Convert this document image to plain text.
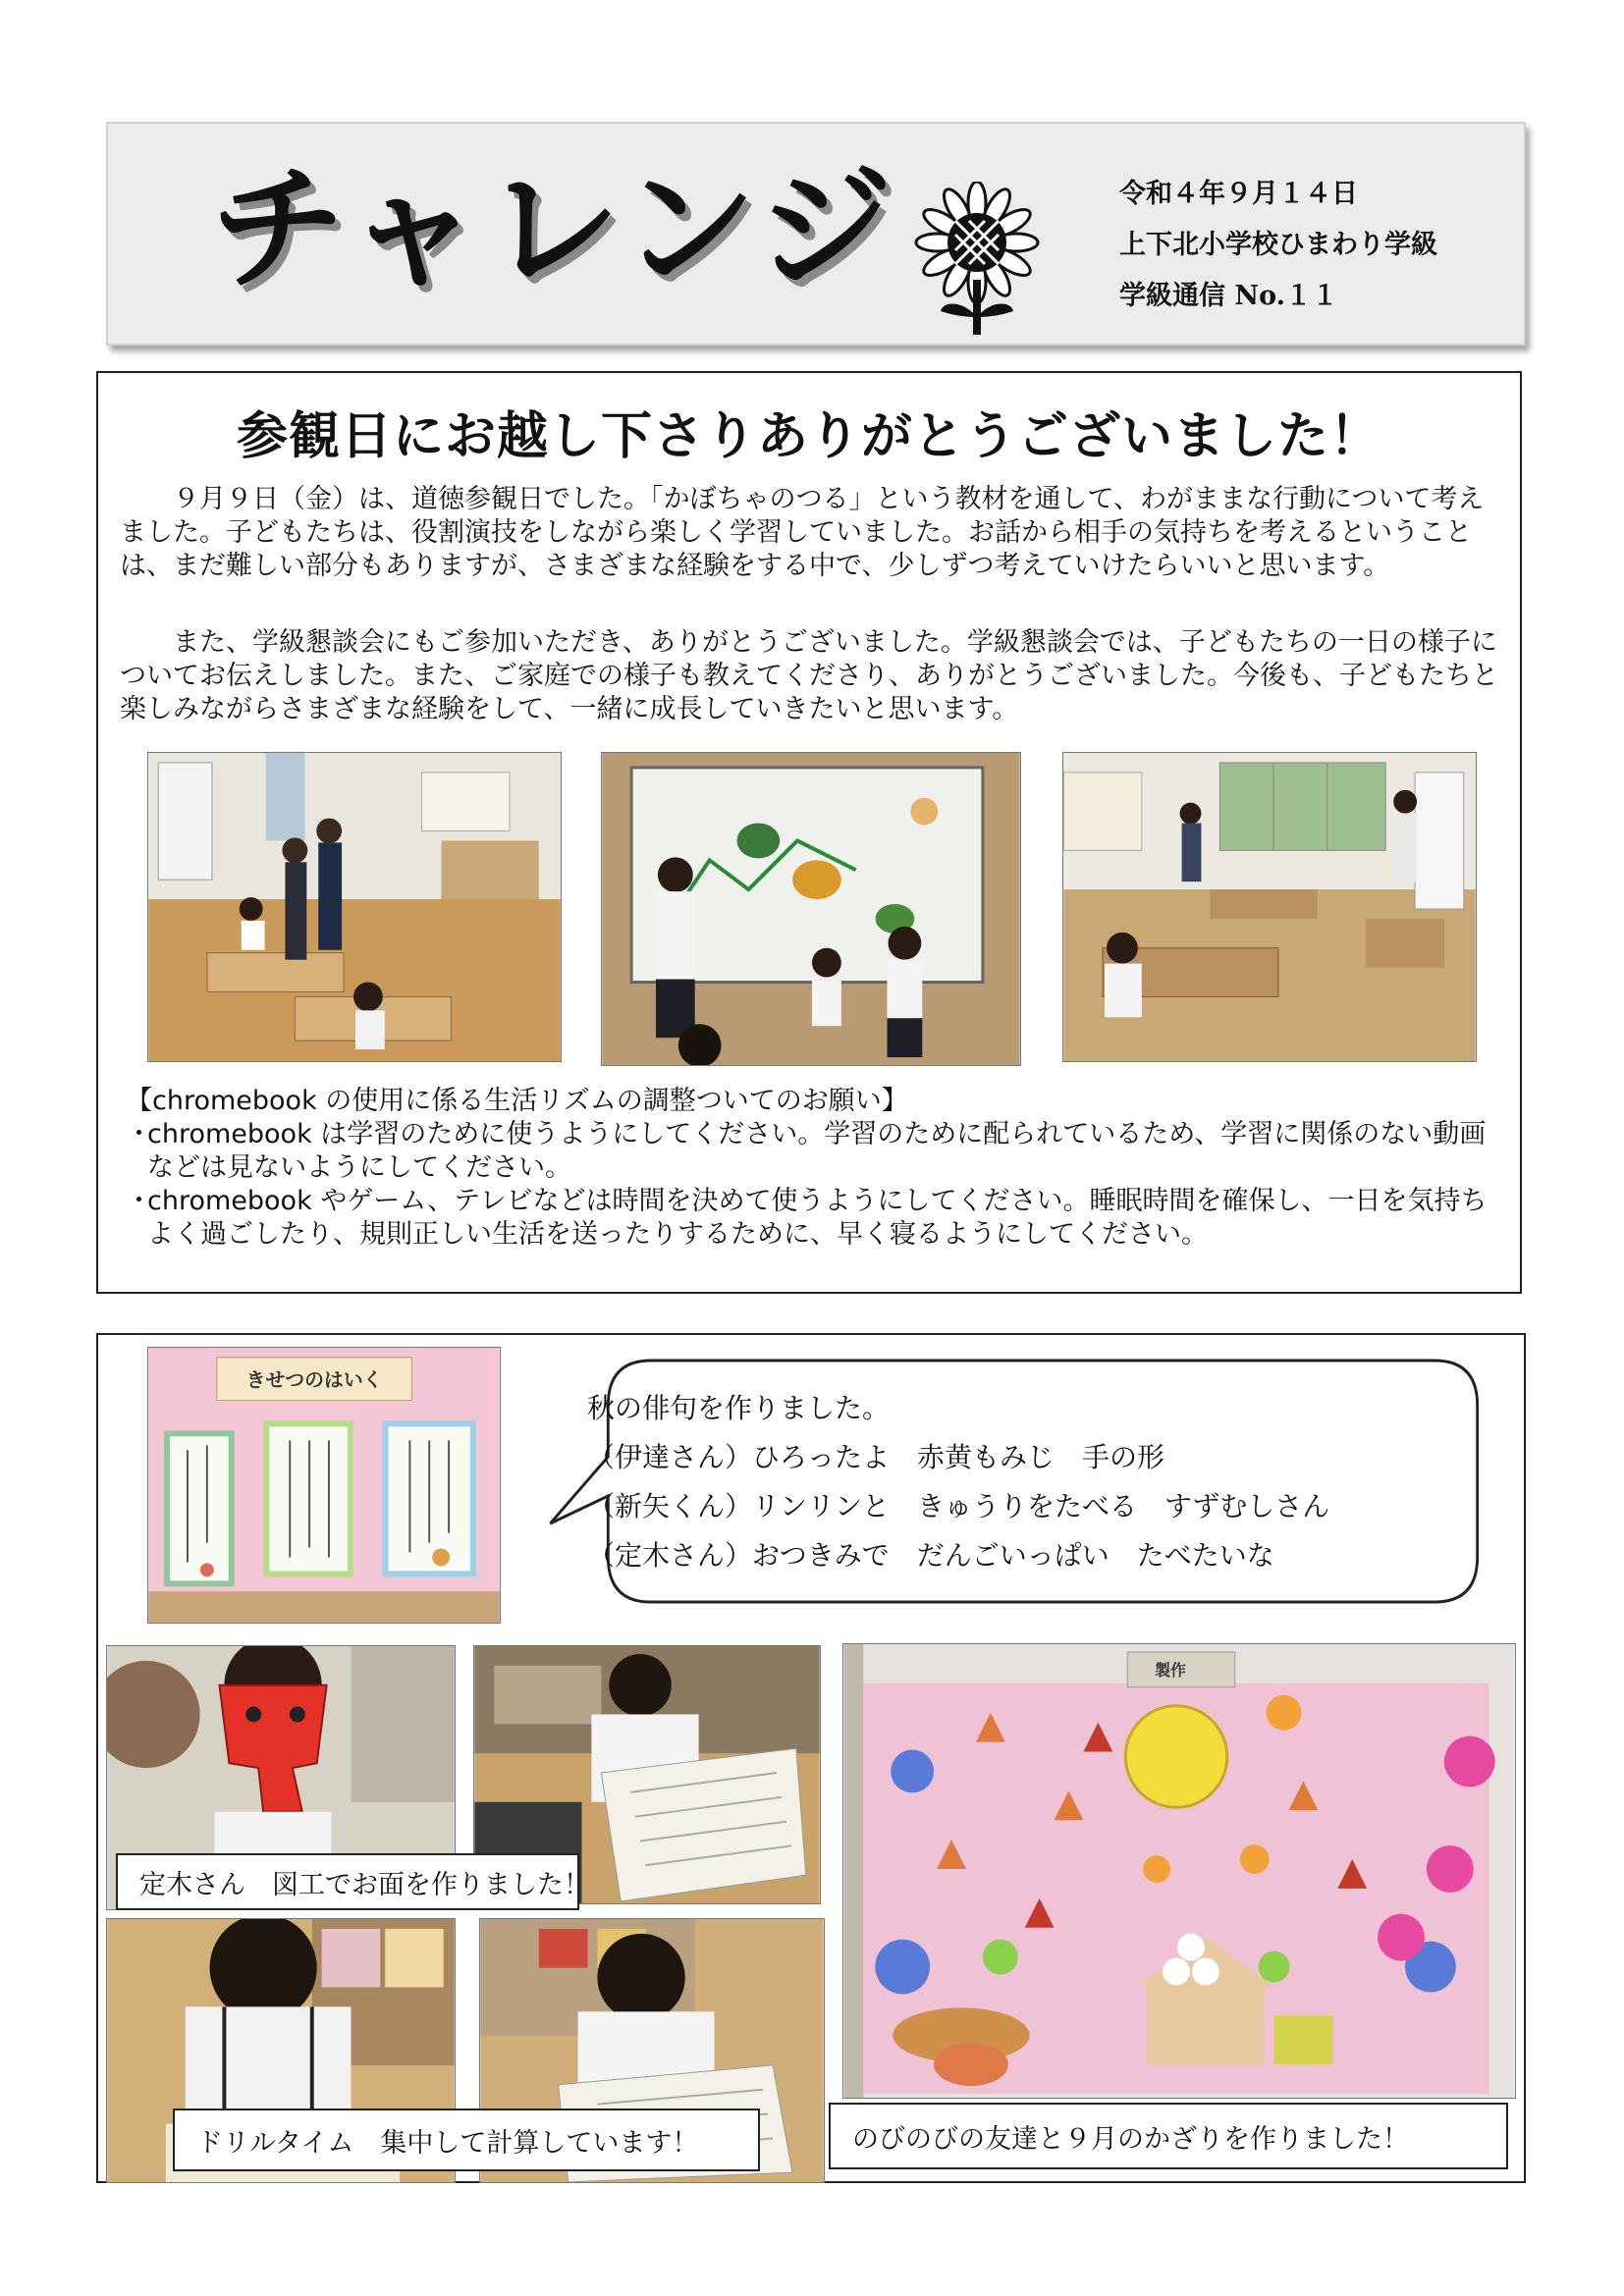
チャレンジ	令和４年９月１４日
上下北小学校ひまわり学級
学級通信 No.１１
参観日にお越し下さりありがとうございました！

９月９日（金）は、道徳参観日でした。「かぼちゃのつる」という教材を通して、わがままな行動について考えました。子どもたちは、役割演技をしながら楽しく学習していました。お話から相手の気持ちを考えるということは、まだ難しい部分もありますが、さまざまな経験をする中で、少しずつ考えていけたらいいと思います。

また、学級懇談会にもご参加いただき、ありがとうございました。学級懇談会では、子どもたちの一日の様子についてお伝えしました。また、ご家庭での様子も教えてくださり、ありがとうございました。今後も、子どもたちと楽しみながらさまざまな経験をして、一緒に成長していきたいと思います。

【chromebook の使用に係る生活リズムの調整ついてのお願い】

・
chromebook は学習のために使うようにしてください。学習のために配られているため、学習に関係のない動画などは見ないようにしてください。
・
chromebook やゲーム、テレビなどは時間を決めて使うようにしてください。睡眠時間を確保し、一日を気持ちよく過ごしたり、規則正しい生活を送ったりするために、早く寝るようにしてください。
きせつのはいく
秋の俳句を作りました。
（伊達さん）ひろったよ　赤黄もみじ　手の形
（新矢くん）リンリンと　きゅうりをたべる　すずむしさん
（定木さん）おつきみで　だんごいっぱい　たべたいな
定木さん　図工でお面を作りました！
ドリルタイム　集中して計算しています！
製作
のびのびの友達と９月のかざりを作りました！
